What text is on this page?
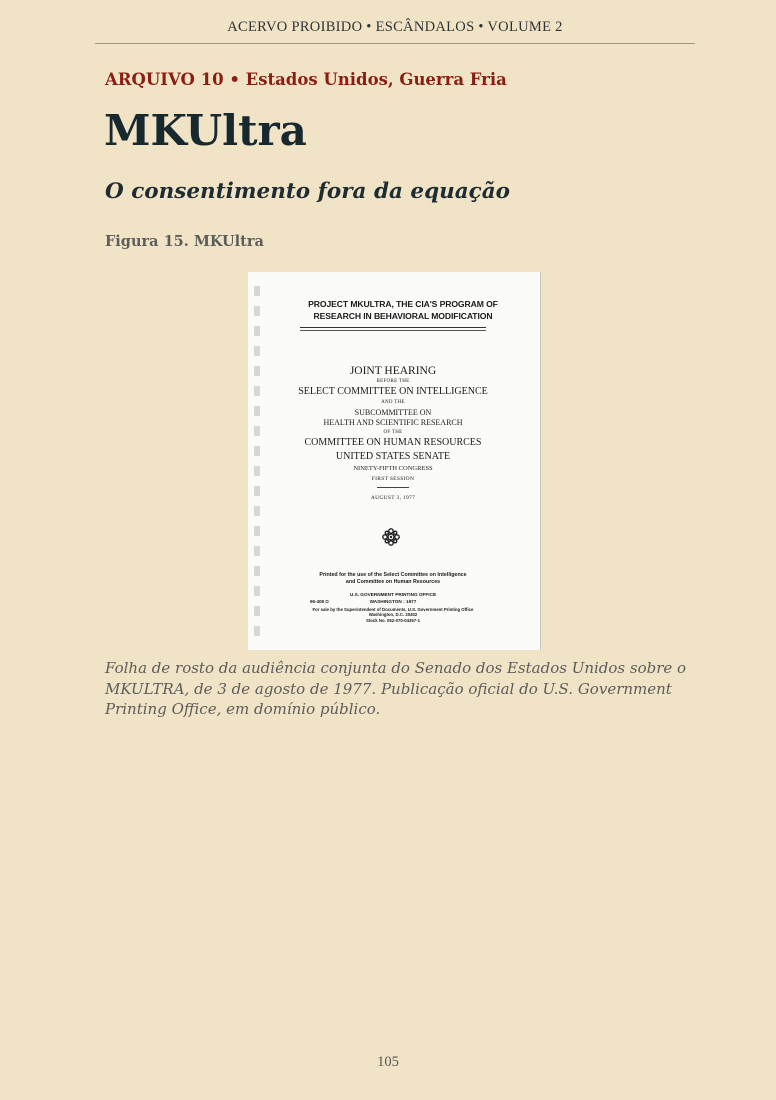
ACERVO PROIBIDO • ESCÂNDALOS • VOLUME 2
ARQUIVO 10 • Estados Unidos, Guerra Fria
MKUltra
O consentimento fora da equação
Figura 15. MKUltra
PROJECT MKULTRA, THE CIA'S PROGRAM OF
RESEARCH IN BEHAVIORAL MODIFICATION
JOINT HEARING
BEFORE THE
SELECT COMMITTEE ON INTELLIGENCE
AND THE
SUBCOMMITTEE ON
HEALTH AND SCIENTIFIC RESEARCH
OF THE
COMMITTEE ON HUMAN RESOURCES
UNITED STATES SENATE
NINETY-FIFTH CONGRESS
FIRST SESSION
AUGUST 3, 1977
Printed for the use of the Select Committee on Intelligence
and Committee on Human Resources
U.S. GOVERNMENT PRINTING OFFICE
96-408 O	WASHINGTON : 1977
For sale by the Superintendent of Documents, U.S. Government Printing Office
Washington, D.C. 20402
Stock No. 052-070-04357-1

Folha de rosto da audiência conjunta do Senado dos Estados Unidos sobre o MKULTRA, de 3 de agosto de 1977. Publicação oficial do U.S. Government Printing Office, em domínio público.

105
